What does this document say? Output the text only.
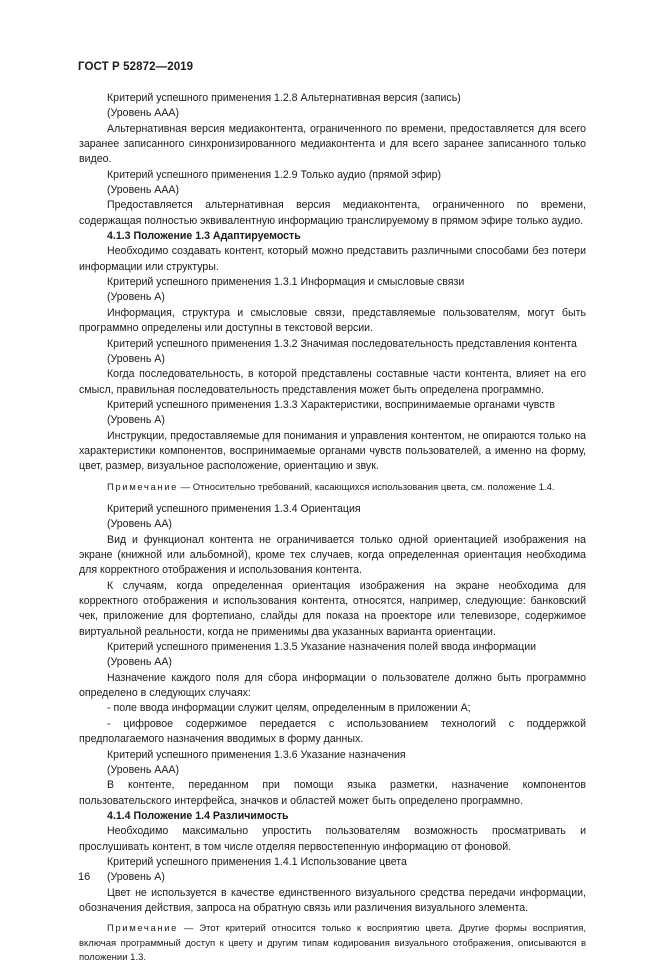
ГОСТ Р 52872—2019

Критерий успешного применения 1.2.8 Альтернативная версия (запись)

(Уровень AAA)

Альтернативная версия медиаконтента, ограниченного по времени, предоставляется для всего заранее записанного синхронизированного медиаконтента и для всего заранее записанного только видео.

Критерий успешного применения 1.2.9 Только аудио (прямой эфир)

(Уровень AAA)

Предоставляется альтернативная версия медиаконтента, ограниченного по времени, содержащая полностью эквивалентную информацию транслируемому в прямом эфире только аудио.

4.1.3 Положение 1.3 Адаптируемость

Необходимо создавать контент, который можно представить различными способами без потери информации или структуры.

Критерий успешного применения 1.3.1 Информация и смысловые связи

(Уровень A)

Информация, структура и смысловые связи, представляемые пользователям, могут быть программно определены или доступны в текстовой версии.

Критерий успешного применения 1.3.2 Значимая последовательность представления контента

(Уровень A)

Когда последовательность, в которой представлены составные части контента, влияет на его смысл, правильная последовательность представления может быть определена программно.

Критерий успешного применения 1.3.3 Характеристики, воспринимаемые органами чувств

(Уровень A)

Инструкции, предоставляемые для понимания и управления контентом, не опираются только на характеристики компонентов, воспринимаемые органами чувств пользователей, а именно на форму, цвет, размер, визуальное расположение, ориентацию и звук.

Примечание — Относительно требований, касающихся использования цвета, см. положение 1.4.

Критерий успешного применения 1.3.4 Ориентация

(Уровень AA)

Вид и функционал контента не ограничивается только одной ориентацией изображения на экране (книжной или альбомной), кроме тех случаев, когда определенная ориентация необходима для корректного отображения и использования контента.

К случаям, когда определенная ориентация изображения на экране необходима для корректного отображения и использования контента, относятся, например, следующие: банковский чек, приложение для фортепиано, слайды для показа на проекторе или телевизоре, содержимое виртуальной реальности, когда не применимы два указанных варианта ориентации.

Критерий успешного применения 1.3.5 Указание назначения полей ввода информации

(Уровень AA)

Назначение каждого поля для сбора информации о пользователе должно быть программно определено в следующих случаях:

- поле ввода информации служит целям, определенным в приложении А;

- цифровое содержимое передается с использованием технологий с поддержкой предполагаемого назначения вводимых в форму данных.

Критерий успешного применения 1.3.6 Указание назначения

(Уровень AAA)

В контенте, переданном при помощи языка разметки, назначение компонентов пользовательского интерфейса, значков и областей может быть определено программно.

4.1.4 Положение 1.4 Различимость

Необходимо максимально упростить пользователям возможность просматривать и прослушивать контент, в том числе отделяя первостепенную информацию от фоновой.

Критерий успешного применения 1.4.1 Использование цвета

(Уровень A)

Цвет не используется в качестве единственного визуального средства передачи информации, обозначения действия, запроса на обратную связь или различения визуального элемента.

Примечание — Этот критерий относится только к восприятию цвета. Другие формы восприятия, включая программный доступ к цвету и другим типам кодирования визуального отображения, описываются в положении 1.3.

16
